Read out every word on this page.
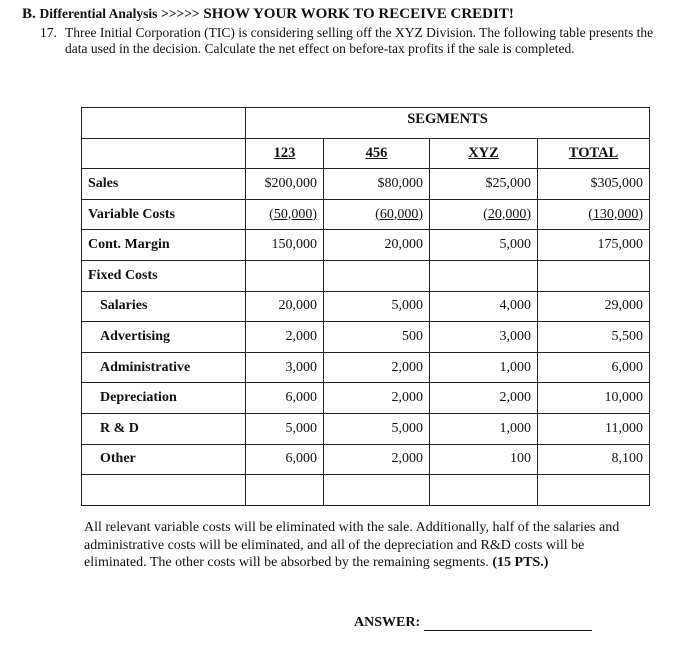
B. Differential Analysis >>>>> SHOW YOUR WORK TO RECEIVE CREDIT!
17. Three Initial Corporation (TIC) is considering selling off the XYZ Division. The following table presents the data used in the decision. Calculate the net effect on before-tax profits if the sale is completed.
	SEGMENTS			
	123	456	XYZ	TOTAL
Sales	$200,000	$80,000	$25,000	$305,000
Variable Costs	(50,000)	(60,000)	(20,000)	(130,000)
Cont. Margin	150,000	20,000	5,000	175,000
Fixed Costs				
Salaries	20,000	5,000	4,000	29,000
Advertising	2,000	500	3,000	5,500
Administrative	3,000	2,000	1,000	6,000
Depreciation	6,000	2,000	2,000	10,000
R & D	5,000	5,000	1,000	11,000
Other	6,000	2,000	100	8,100

All relevant variable costs will be eliminated with the sale. Additionally, half of the salaries and administrative costs will be eliminated, and all of the depreciation and R&D costs will be eliminated. The other costs will be absorbed by the remaining segments. (15 PTS.)
ANSWER:
